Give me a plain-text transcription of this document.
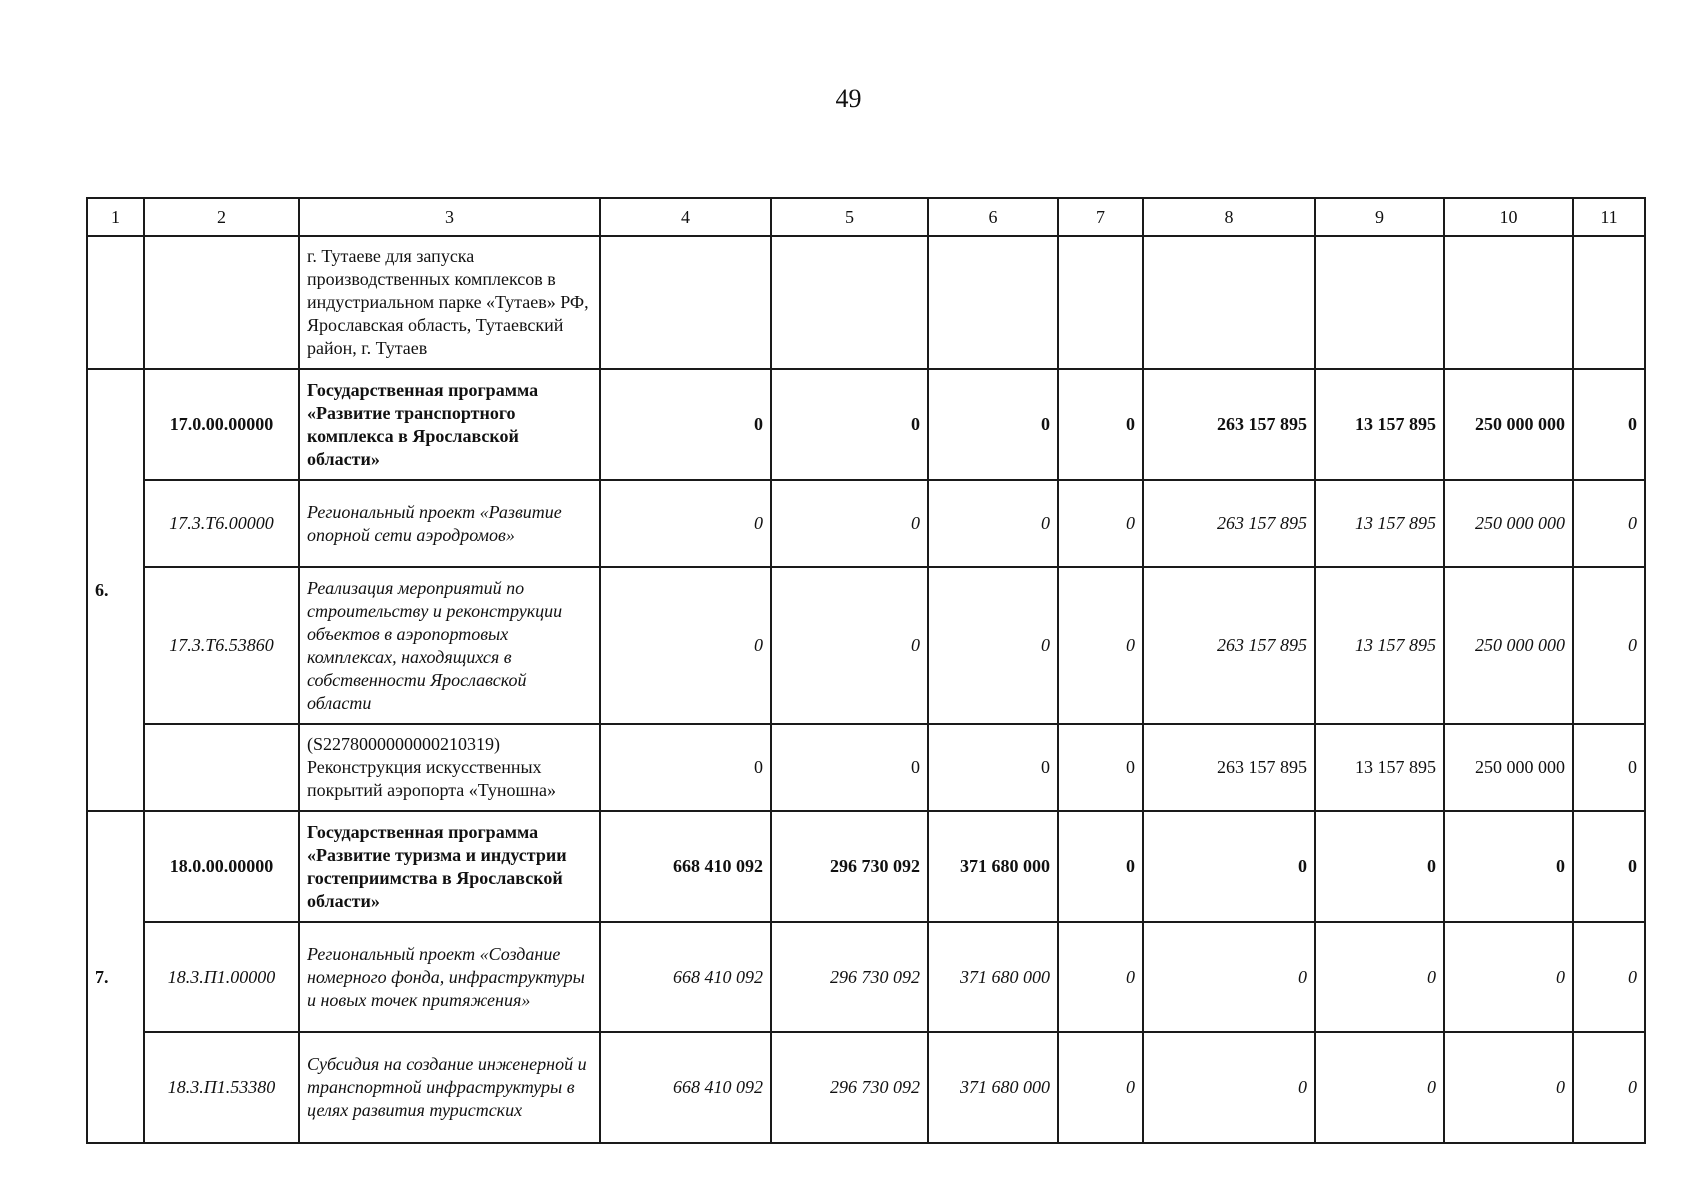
49
1	2	3	4	5	6	7	8	9	10	11
		г. Тутаеве для запуска производственных комплексов в индустриальном парке «Тутаев» РФ, Ярославская область, Тутаевский район, г. Тутаев								
6.	17.0.00.00000	Государственная программа «Развитие транспортного комплекса в Ярославской области»	0	0	0	0	263 157 895	13 157 895	250 000 000	0
	17.3.Т6.00000	Региональный проект «Развитие опорной сети аэродромов»	0	0	0	0	263 157 895	13 157 895	250 000 000	0
	17.3.Т6.53860	Реализация мероприятий по строительству и реконструкции объектов в аэропортовых комплексах, находящихся в собственности Ярославской области	0	0	0	0	263 157 895	13 157 895	250 000 000	0
		(S2278000000000210319) Реконструкция искусственных покрытий аэропорта «Туношна»	0	0	0	0	263 157 895	13 157 895	250 000 000	0
7.	18.0.00.00000	Государственная программа «Развитие туризма и индустрии гостеприимства в Ярославской области»	668 410 092	296 730 092	371 680 000	0	0	0	0	0
	18.3.П1.00000	Региональный проект «Создание номерного фонда, инфраструктуры и новых точек притяжения»	668 410 092	296 730 092	371 680 000	0	0	0	0	0
	18.3.П1.53380	Субсидия на создание инженерной и транспортной инфраструктуры в целях развития туристских	668 410 092	296 730 092	371 680 000	0	0	0	0	0
